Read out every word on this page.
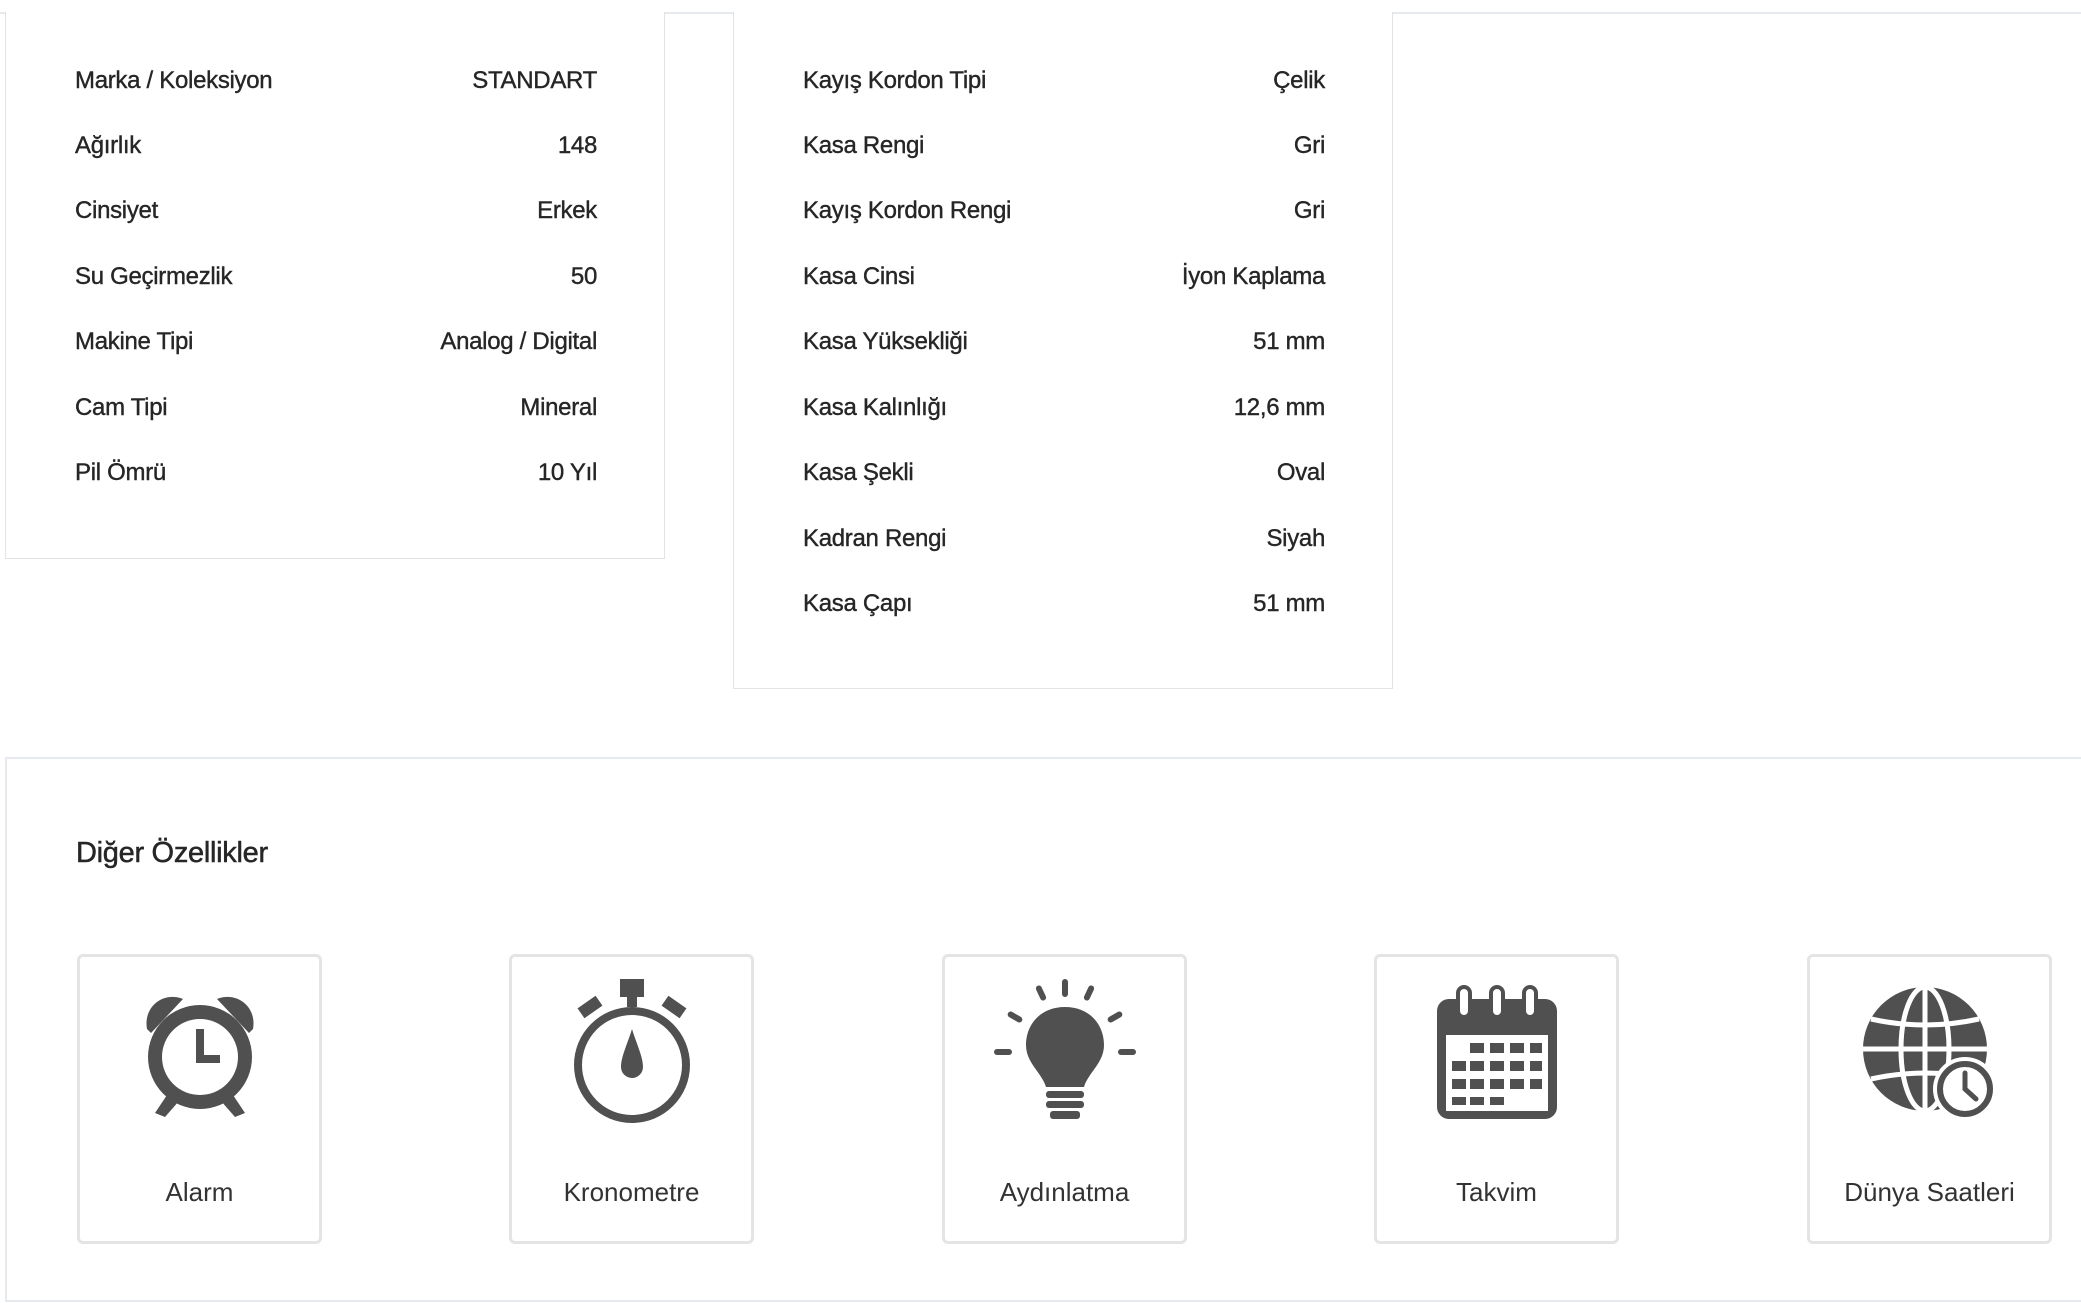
Marka / Koleksiyon	STANDART
Ağırlık	148
Cinsiyet	Erkek
Su Geçirmezlik	50
Makine Tipi	Analog / Digital
Cam Tipi	Mineral
Pil Ömrü	10 Yıl
Kayış Kordon Tipi	Çelik
Kasa Rengi	Gri
Kayış Kordon Rengi	Gri
Kasa Cinsi	İyon Kaplama
Kasa Yüksekliği	51 mm
Kasa Kalınlığı	12,6 mm
Kasa Şekli	Oval
Kadran Rengi	Siyah
Kasa Çapı	51 mm
Diğer Özellikler
Alarm	Kronometre	Aydınlatma	Takvim	Dünya Saatleri
